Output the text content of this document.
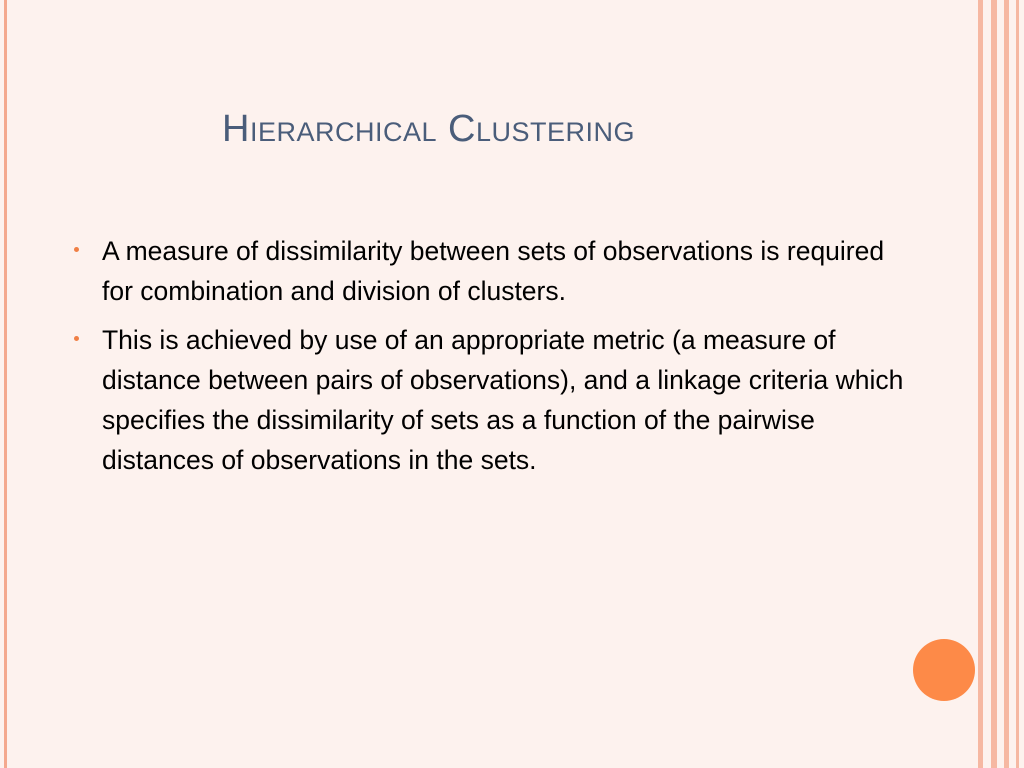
Hierarchical Clustering
A measure of dissimilarity between sets of observations is required for combination and division of clusters.
This is achieved by use of an appropriate metric (a measure of distance between pairs of observations), and a linkage criteria which specifies the dissimilarity of sets as a function of the pairwise distances of observations in the sets.
